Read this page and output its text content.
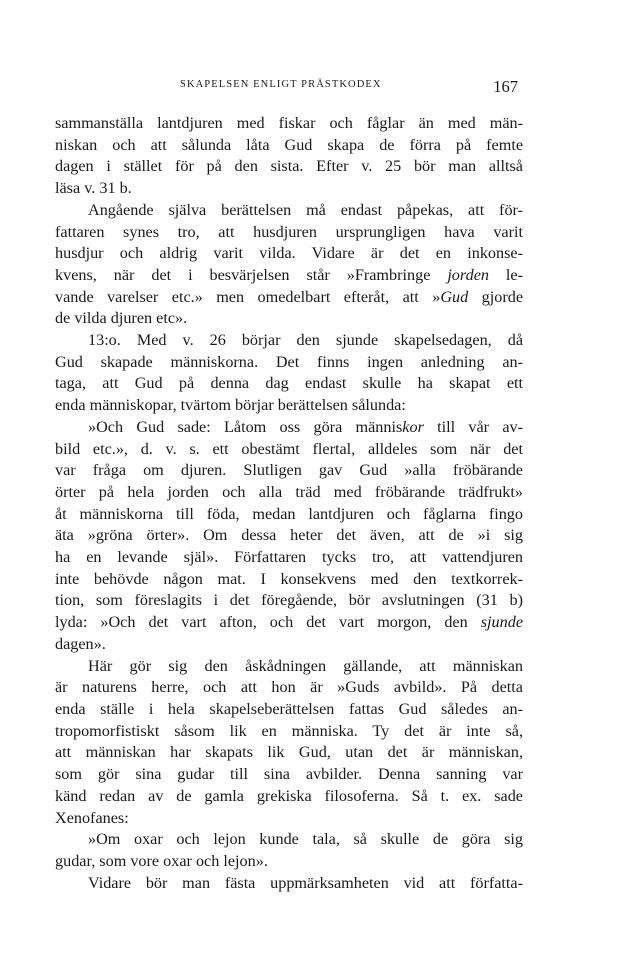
SKAPELSEN ENLIGT PRÄSTKODEX	167
sammanställa lantdjuren med fiskar och fåglar än med män-
niskan och att sålunda låta Gud skapa de förra på femte
dagen i stället för på den sista. Efter v. 25 bör man alltså
läsa v. 31 b.
Angående själva berättelsen må endast påpekas, att för-
fattaren synes tro, att husdjuren ursprungligen hava varit
husdjur och aldrig varit vilda. Vidare är det en inkonse-
kvens, när det i besvärjelsen står »Frambringe jorden le-
vande varelser etc.» men omedelbart efteråt, att »Gud gjorde
de vilda djuren etc».
13:o. Med v. 26 börjar den sjunde skapelsedagen, då
Gud skapade människorna. Det finns ingen anledning an-
taga, att Gud på denna dag endast skulle ha skapat ett
enda människopar, tvärtom börjar berättelsen sålunda:
»Och Gud sade: Låtom oss göra människor till vår av-
bild etc.», d. v. s. ett obestämt flertal, alldeles som när det
var fråga om djuren. Slutligen gav Gud »alla fröbärande
örter på hela jorden och alla träd med fröbärande trädfrukt»
åt människorna till föda, medan lantdjuren och fåglarna fingo
äta »gröna örter». Om dessa heter det även, att de »i sig
ha en levande själ». Författaren tycks tro, att vattendjuren
inte behövde någon mat. I konsekvens med den textkorrek-
tion, som föreslagits i det föregående, bör avslutningen (31 b)
lyda: »Och det vart afton, och det vart morgon, den sjunde
dagen».
Här gör sig den åskådningen gällande, att människan
är naturens herre, och att hon är »Guds avbild». På detta
enda ställe i hela skapelseberättelsen fattas Gud således an-
tropomorfistiskt såsom lik en människa. Ty det är inte så,
att människan har skapats lik Gud, utan det är människan,
som gör sina gudar till sina avbilder. Denna sanning var
känd redan av de gamla grekiska filosoferna. Så t. ex. sade
Xenofanes:
»Om oxar och lejon kunde tala, så skulle de göra sig
gudar, som vore oxar och lejon».
Vidare bör man fästa uppmärksamheten vid att författa-
